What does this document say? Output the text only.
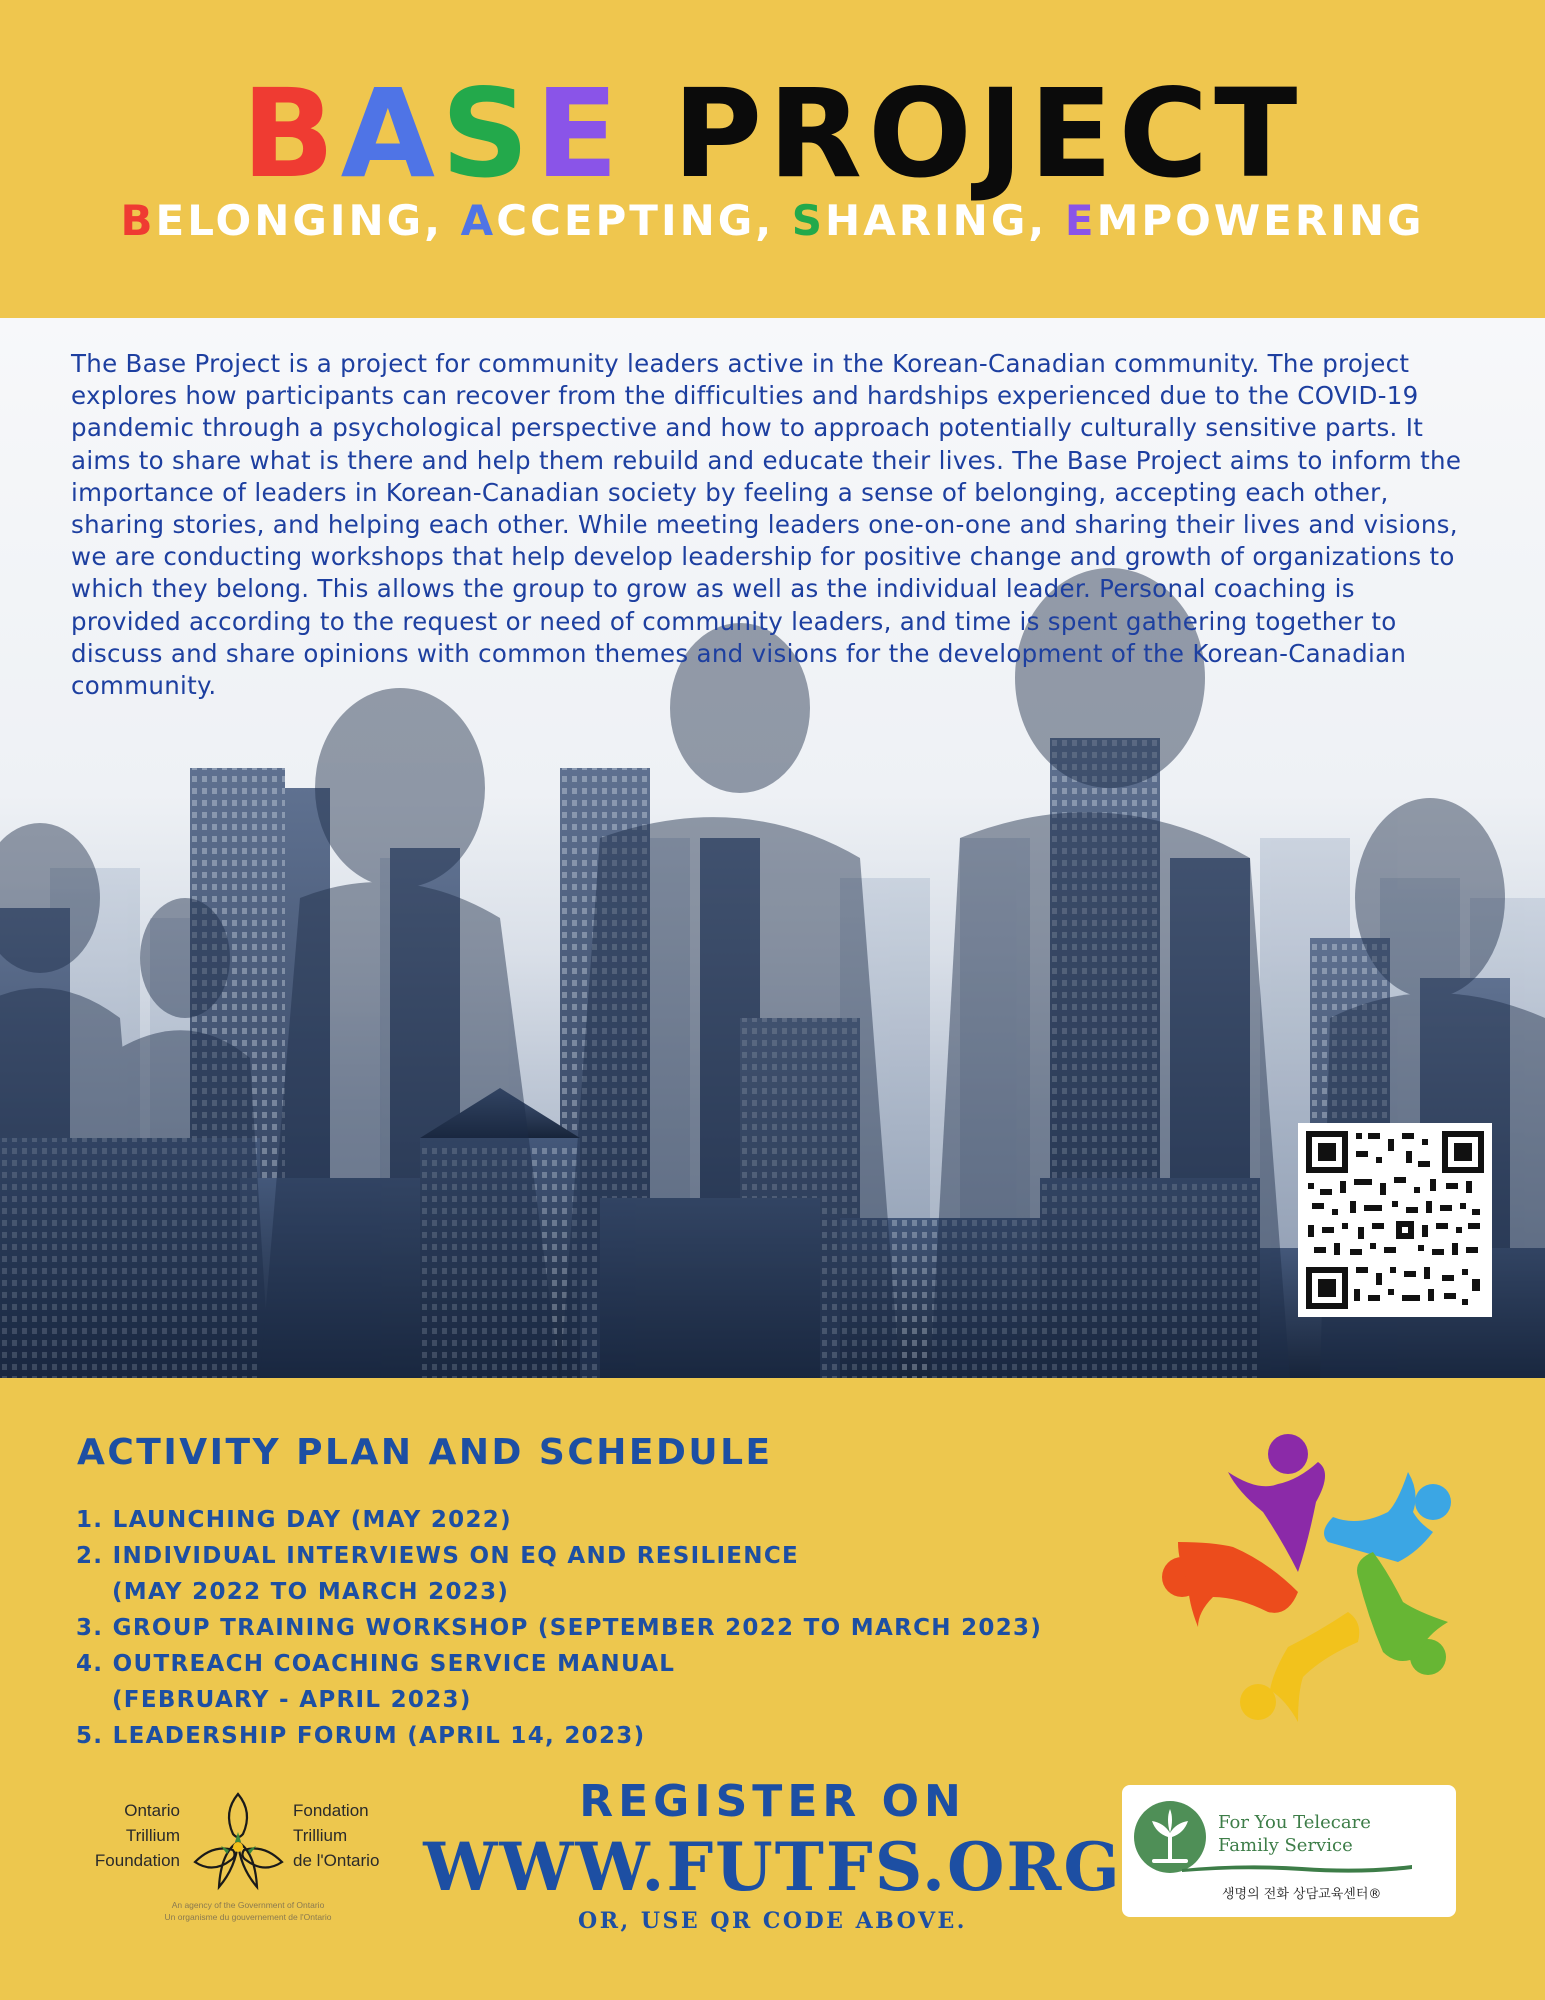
BASE PROJECT
BELONGING, ACCEPTING, SHARING, EMPOWERING

The Base Project is a project for community leaders active in the Korean-Canadian community. The project explores how participants can recover from the difficulties and hardships experienced due to the COVID-19 pandemic through a psychological perspective and how to approach potentially culturally sensitive parts. It aims to share what is there and help them rebuild and educate their lives. The Base Project aims to inform the importance of leaders in Korean-Canadian society by feeling a sense of belonging, accepting each other, sharing stories, and helping each other. While meeting leaders one-on-one and sharing their lives and visions, we are conducting workshops that help develop leadership for positive change and growth of organizations to which they belong. This allows the group to grow as well as the individual leader. Personal coaching is provided according to the request or need of community leaders, and time is spent gathering together to discuss and share opinions with common themes and visions for the development of the Korean-Canadian community.

ACTIVITY PLAN AND SCHEDULE
1. LAUNCHING DAY (MAY 2022)
2. INDIVIDUAL INTERVIEWS ON EQ AND RESILIENCE
(MAY 2022 TO MARCH 2023)
3. GROUP TRAINING WORKSHOP (SEPTEMBER 2022 TO MARCH 2023)
4. OUTREACH COACHING SERVICE MANUAL
(FEBRUARY - APRIL 2023)
5. LEADERSHIP FORUM (APRIL 14, 2023)
Ontario
Trillium
Foundation
Fondation
Trillium
de l'Ontario
An agency of the Government of Ontario
Un organisme du gouvernement de l'Ontario
REGISTER ON
WWW.FUTFS.ORG
OR, USE QR CODE ABOVE.
For You Telecare
Family Service
생명의 전화 상담교육센터®
